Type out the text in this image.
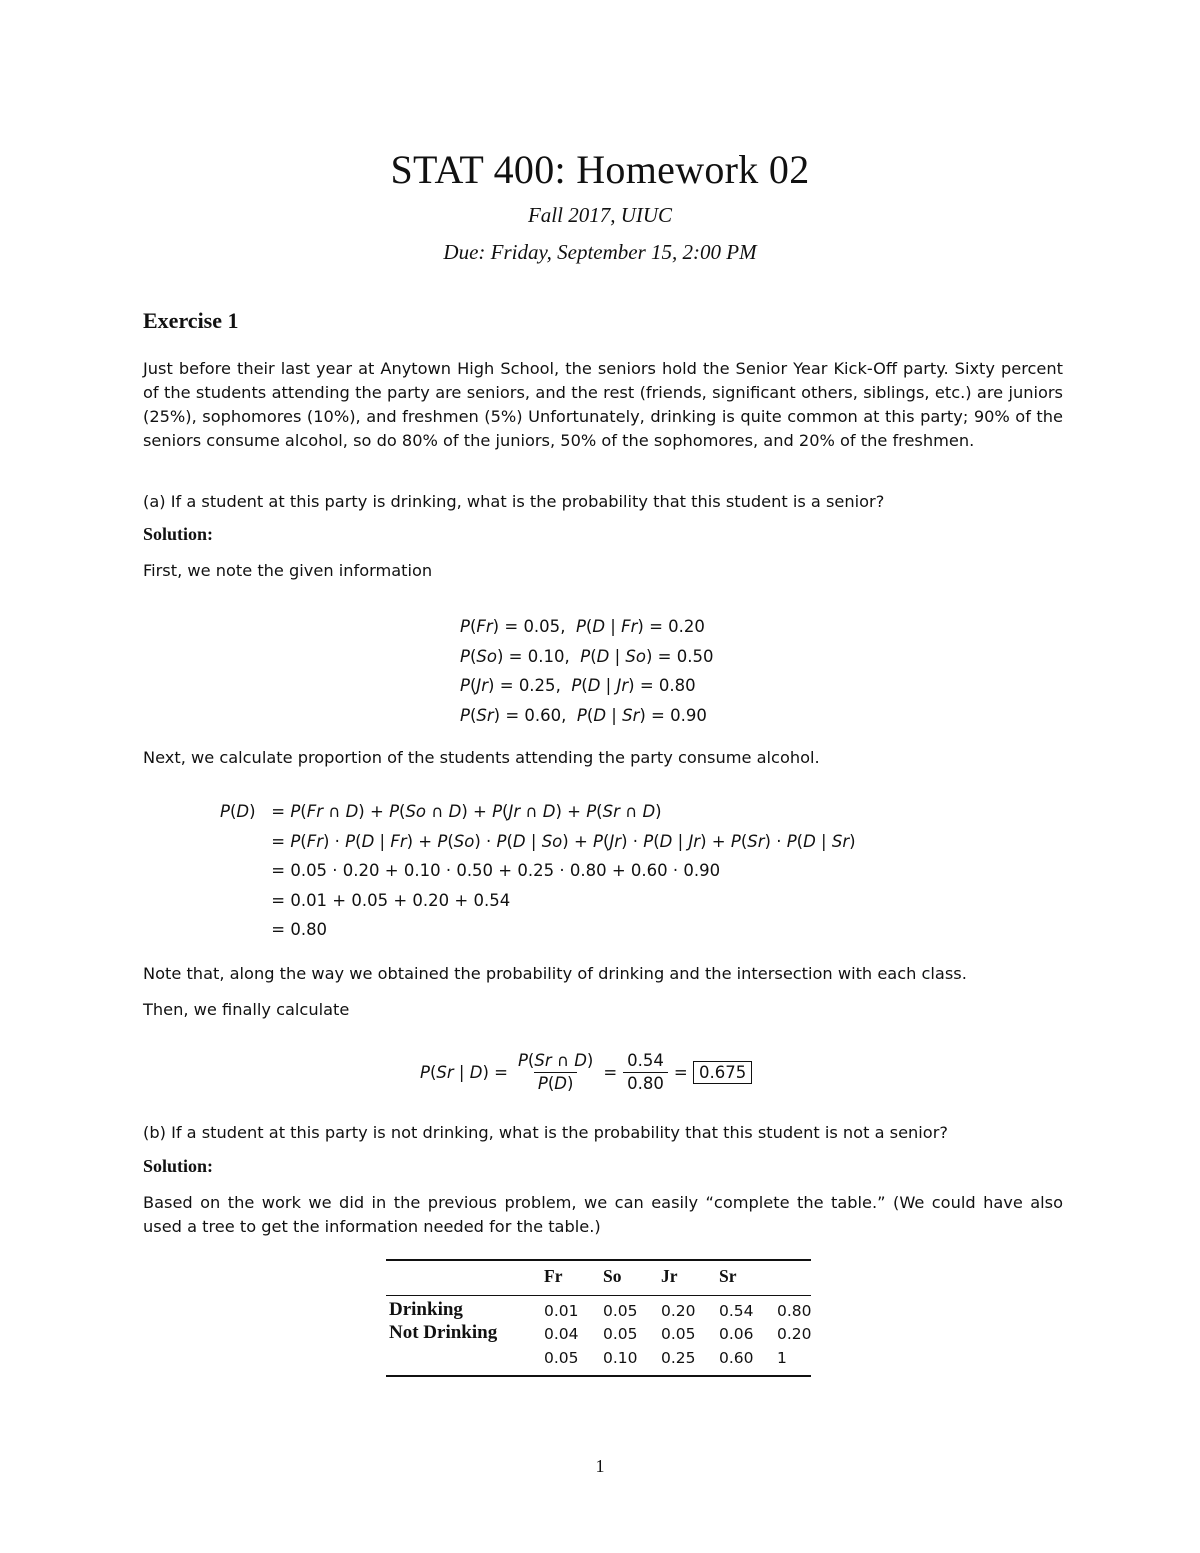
STAT 400: Homework 02
Fall 2017, UIUC
Due: Friday, September 15, 2:00 PM
Exercise 1
Just before their last year at Anytown High School, the seniors hold the Senior Year Kick-Off party. Sixty percent of the students attending the party are seniors, and the rest (friends, significant others, siblings, etc.) are juniors (25%), sophomores (10%), and freshmen (5%) Unfortunately, drinking is quite common at this party; 90% of the seniors consume alcohol, so do 80% of the juniors, 50% of the sophomores, and 20% of the freshmen.
(a) If a student at this party is drinking, what is the probability that this student is a senior?
Solution:
First, we note the given information
P(Fr) = 0.05,  P(D | Fr) = 0.20
P(So) = 0.10,  P(D | So) = 0.50
P(Jr) = 0.25,  P(D | Jr) = 0.80
P(Sr) = 0.60,  P(D | Sr) = 0.90
Next, we calculate proportion of the students attending the party consume alcohol.
P(D) = P(Fr ∩ D) + P(So ∩ D) + P(Jr ∩ D) + P(Sr ∩ D)
= P(Fr) · P(D | Fr) + P(So) · P(D | So) + P(Jr) · P(D | Jr) + P(Sr) · P(D | Sr)
= 0.05 · 0.20 + 0.10 · 0.50 + 0.25 · 0.80 + 0.60 · 0.90
= 0.01 + 0.05 + 0.20 + 0.54
= 0.80
Note that, along the way we obtained the probability of drinking and the intersection with each class.
Then, we finally calculate
P(Sr | $D) = \frac{P(Sr \cap D)}{P(D)} = \frac{0.54}{0.80} = 0.675$
(b) If a student at this party is not drinking, what is the probability that this student is not a senior?
Solution:
Based on the work we did in the previous problem, we can easily “complete the table.” (We could have also used a tree to get the information needed for the table.)
Fr So Jr Sr
Drinking	0.01 0.05 0.20 0.54 0.80
Not Drinking	0.04 0.05 0.05 0.06 0.20
0.05 0.10 0.25 0.60 1
1
